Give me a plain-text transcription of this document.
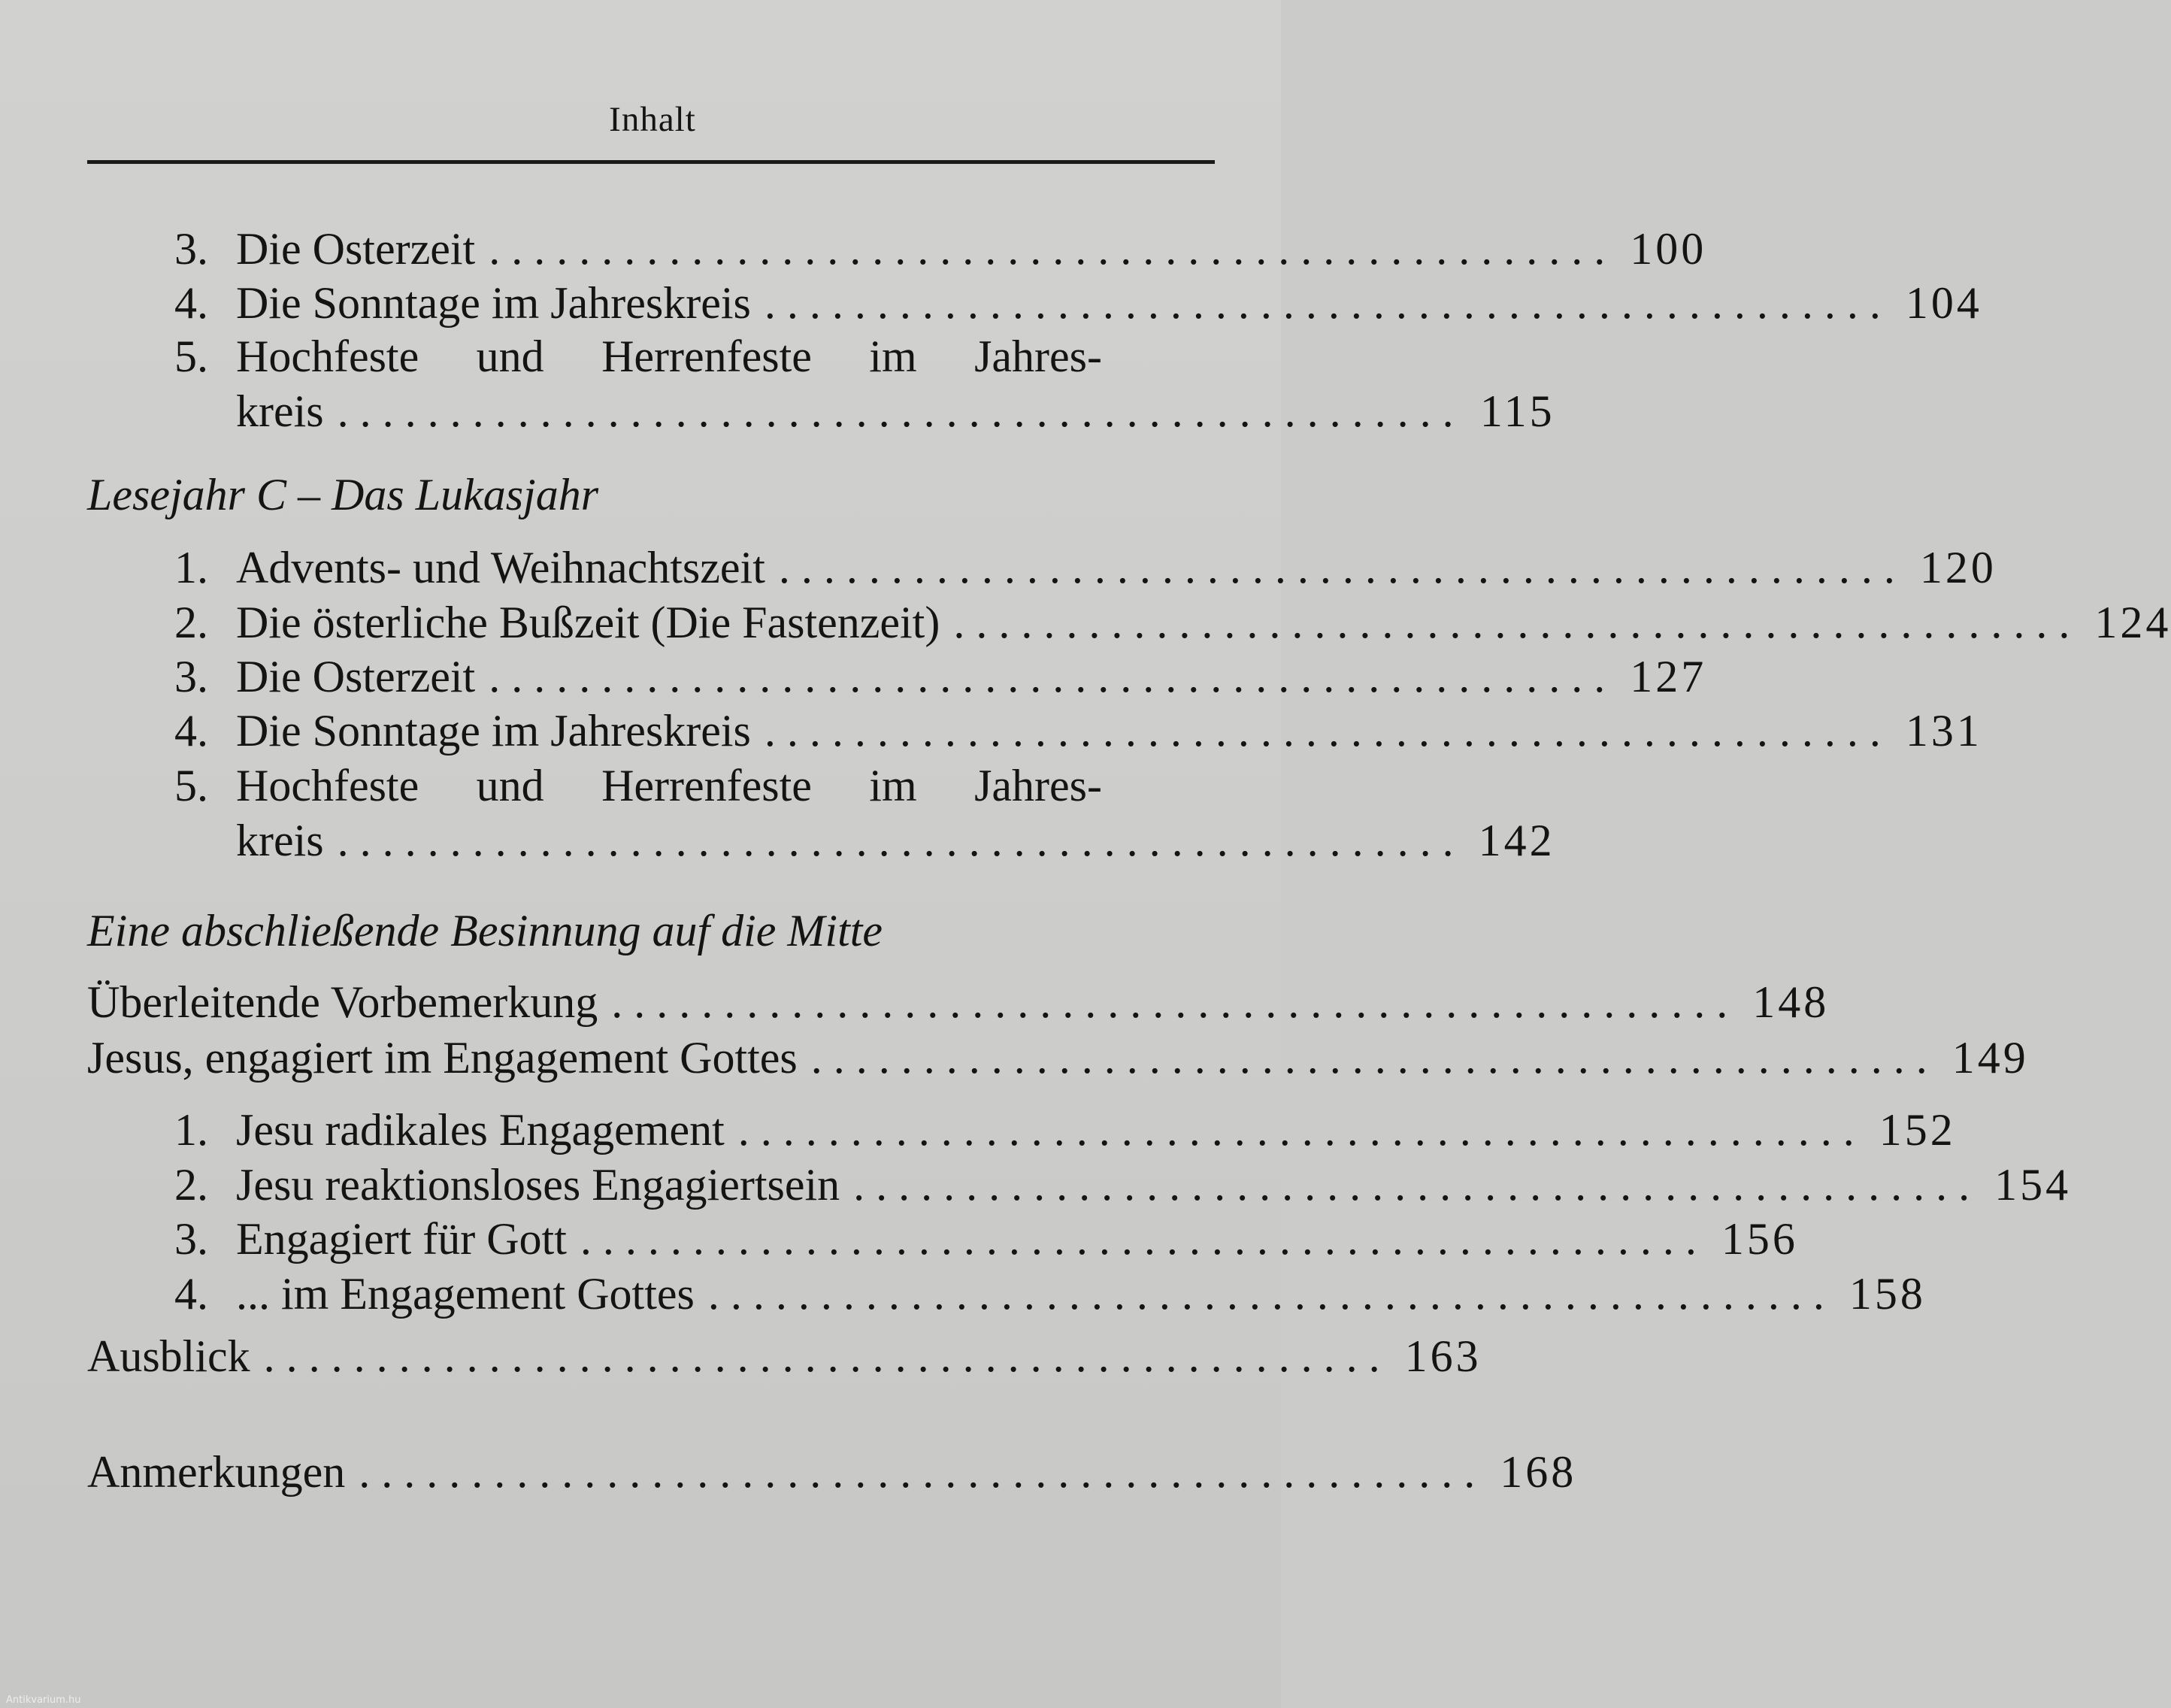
Inhalt
3. Die Osterzeit .................................................. 100
4. Die Sonntage im Jahreskreis .................................................. 104
5. Hochfeste und Herrenfeste im Jahres-
kreis .................................................. 115
Lesejahr C – Das Lukasjahr
1. Advents- und Weihnachtszeit .................................................. 120
2. Die österliche Bußzeit (Die Fastenzeit) .................................................. 124
3. Die Osterzeit .................................................. 127
4. Die Sonntage im Jahreskreis .................................................. 131
5. Hochfeste und Herrenfeste im Jahres-
kreis .................................................. 142
Eine abschließende Besinnung auf die Mitte
Überleitende Vorbemerkung .................................................. 148
Jesus, engagiert im Engagement Gottes .................................................. 149
1. Jesu radikales Engagement .................................................. 152
2. Jesu reaktionsloses Engagiertsein .................................................. 154
3. Engagiert für Gott .................................................. 156
4. ... im Engagement Gottes .................................................. 158
Ausblick .................................................. 163
Anmerkungen .................................................. 168
Antikvarium.hu
